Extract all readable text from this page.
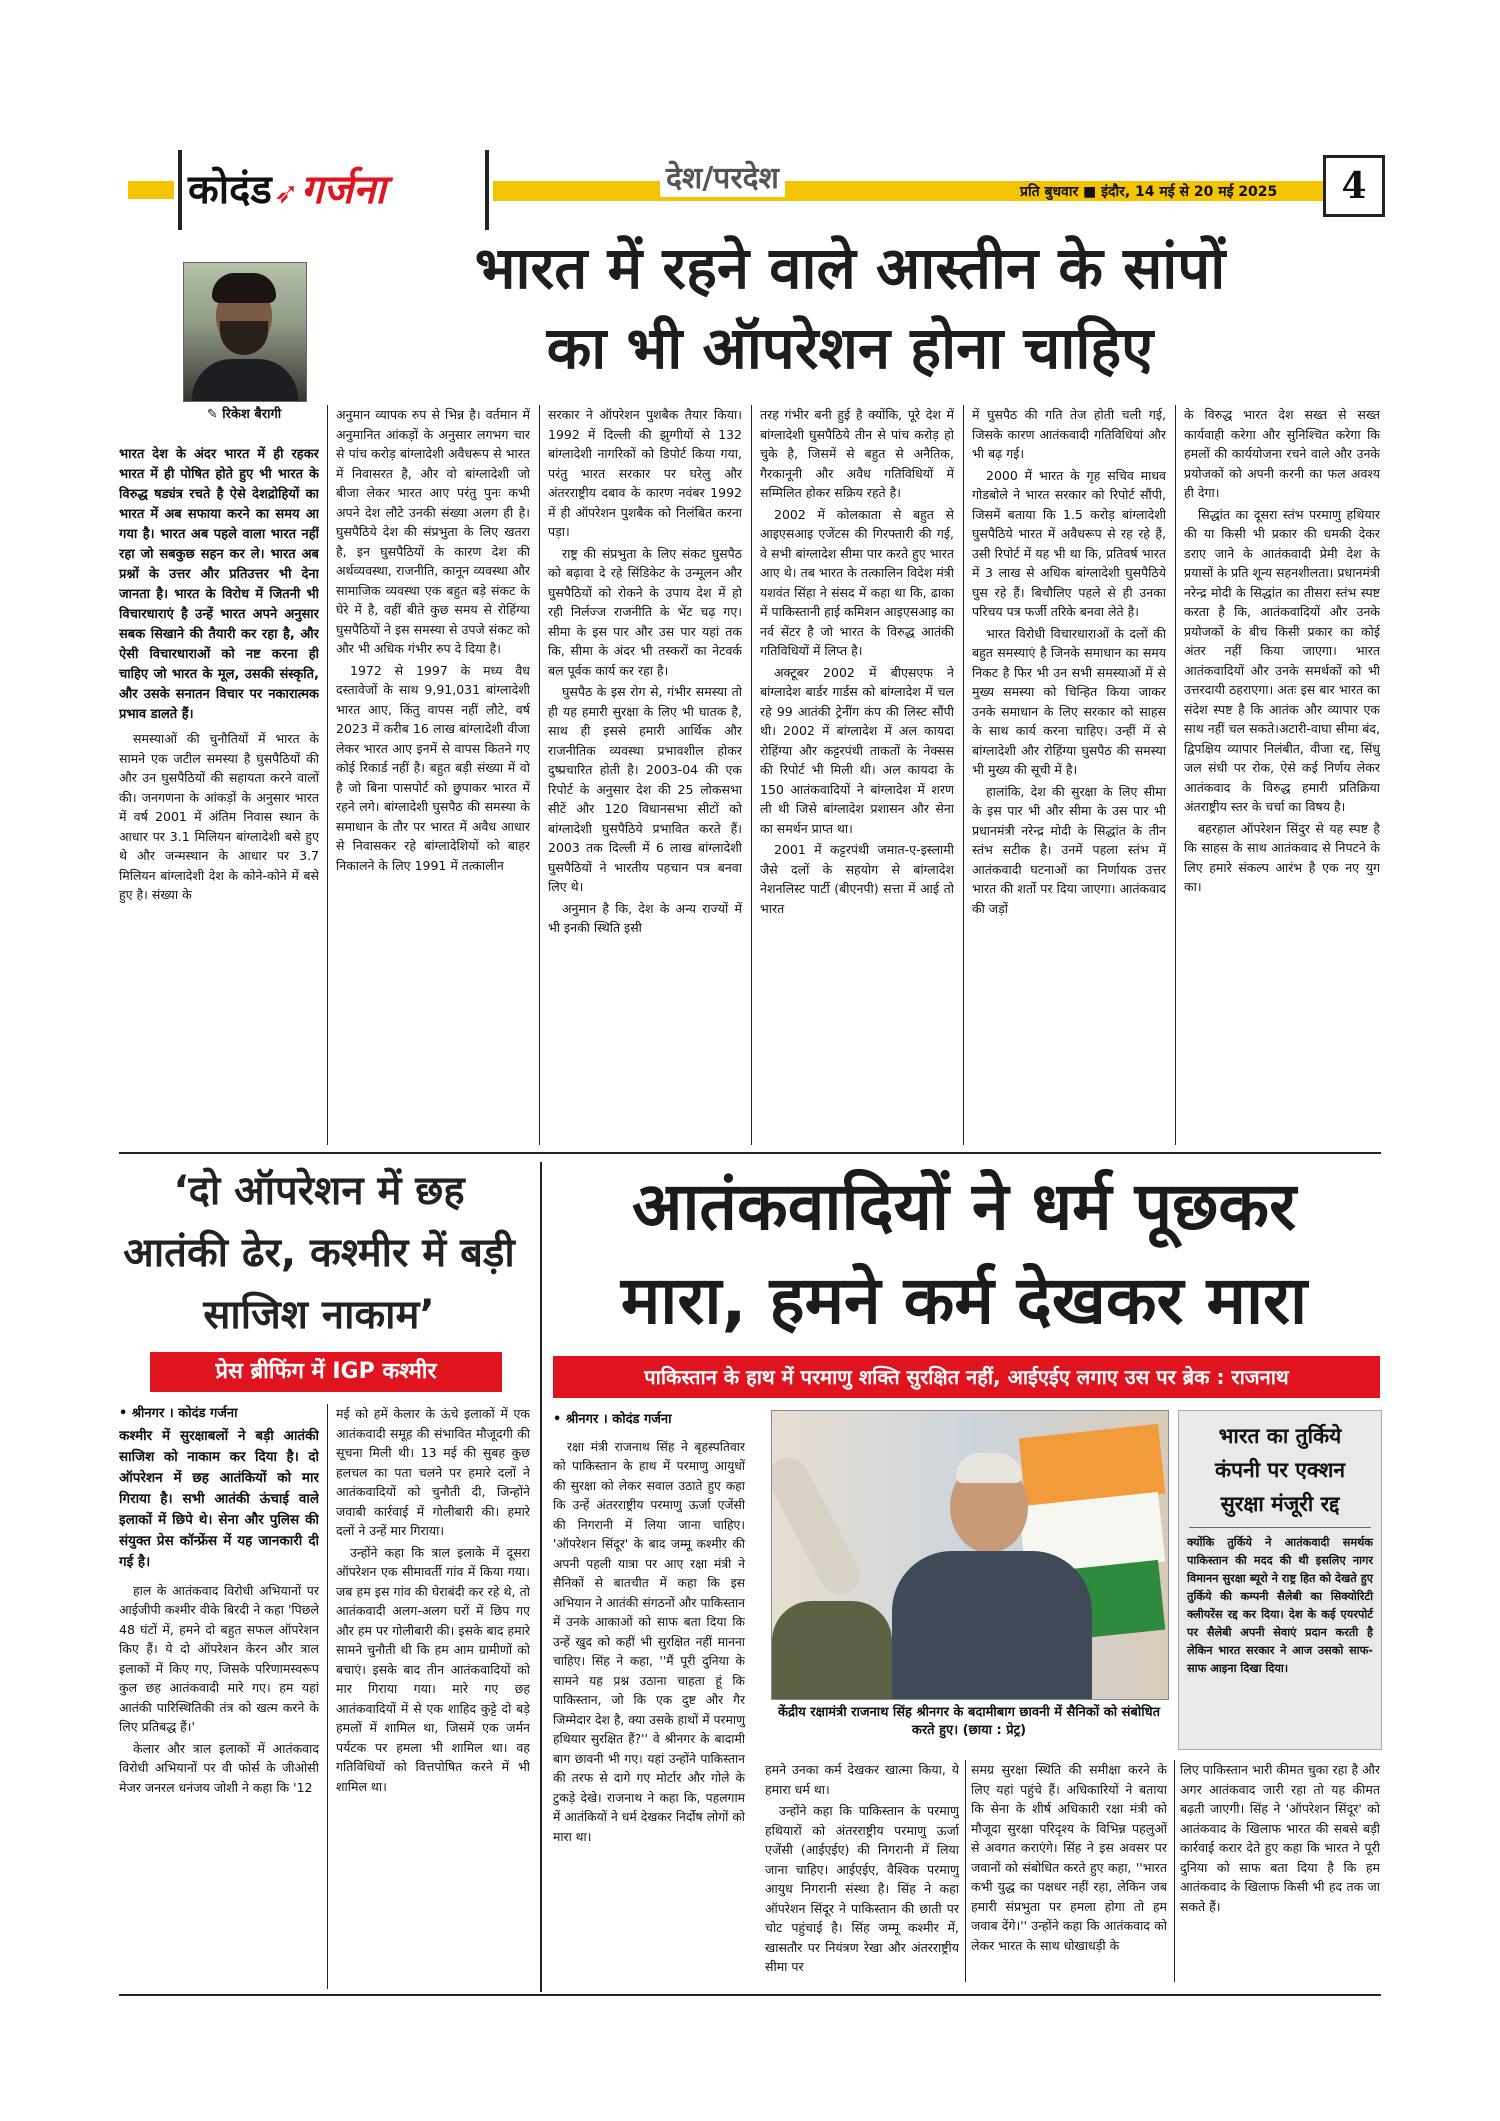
कोदंड➶गर्जना	देश/परदेश	प्रति बुधवार ■ इंदौर, 14 मई से 20 मई 2025	4
भारत में रहने वाले आस्तीन के सांपों
का भी ऑपरेशन होना चाहिए
✎ रिकेश बैरागी

भारत देश के अंदर भारत में ही रहकर भारत में ही पोषित होते हुए भी भारत के विरुद्ध षड्यंत्र रचते है ऐसे देशद्रोहियों का भारत में अब सफाया करने का समय आ गया है। भारत अब पहले वाला भारत नहीं रहा जो सबकुछ सहन कर ले। भारत अब प्रश्नों के उत्तर और प्रतिउत्तर भी देना जानता है। भारत के विरोध में जितनी भी विचारधाराएं है उन्हें भारत अपने अनुसार सबक सिखाने की तैयारी कर रहा है, और ऐसी विचारधाराओं को नष्ट करना ही चाहिए जो भारत के मूल, उसकी संस्कृति, और उसके सनातन विचार पर नकारात्मक प्रभाव डालते हैं।

समस्याओं की चुनौतियों में भारत के सामने एक जटील समस्या है घुसपैठियों की और उन घुसपैठियों की सहायता करने वालों की। जनगणना के आंकड़ों के अनुसार भारत में वर्ष 2001 में अंतिम निवास स्थान के आधार पर 3.1 मिलियन बांग्लादेशी बसे हुए थे और जन्मस्थान के आधार पर 3.7 मिलियन बांग्लादेशी देश के कोने-कोने में बसे हुए है। संख्या के

अनुमान व्यापक रुप से भिन्न है। वर्तमान में अनुमानित आंकड़ों के अनुसार लगभग चार से पांच करोड़ बांग्लादेशी अवैधरूप से भारत में निवासरत है, और वो बांग्लादेशी जो बीजा लेकर भारत आए परंतु पुनः कभी अपने देश लौटे उनकी संख्या अलग ही है। घुसपैठिये देश की संप्रभुता के लिए खतरा है, इन घुसपैठियों के कारण देश की अर्थव्यवस्था, राजनीति, कानून व्यवस्था और सामाजिक व्यवस्था एक बहुत बड़े संकट के घेरे में है, वहीं बीते कुछ समय से रोहिंग्या घुसपैठियों ने इस समस्या से उपजे संकट को और भी अधिक गंभीर रुप दे दिया है।

1972 से 1997 के मध्य वैध दस्तावेजों के साथ 9,91,031 बांग्लादेशी भारत आए, किंतु वापस नहीं लौटे, वर्ष 2023 में करीब 16 लाख बांग्लादेशी वीजा लेकर भारत आए इनमें से वापस कितने गए कोई रिकार्ड नहीं है। बहुत बड़ी संख्या में वो है जो बिना पासपोर्ट को छुपाकर भारत में रहने लगे। बांग्लादेशी घुसपैठ की समस्या के समाधान के तौर पर भारत में अवैध आधार से निवासकर रहे बांग्लादेशियों को बाहर निकालने के लिए 1991 में तत्कालीन

सरकार ने ऑपरेशन पुशबैक तैयार किया। 1992 में दिल्ली की झुग्गीयों से 132 बांग्लादेशी नागरिकों को डिपोर्ट किया गया, परंतु भारत सरकार पर घरेलु और अंतरराष्ट्रीय दबाव के कारण नवंबर 1992 में ही ऑपरेशन पुशबैक को निलंबित करना पड़ा।

राष्ट्र की संप्रभुता के लिए संकट घुसपैठ को बढ़ावा दे रहे सिंडिकेट के उन्मूलन और घुसपैठियों को रोकने के उपाय देश में हो रही निर्लज्ज राजनीति के भेंट चढ़ गए। सीमा के इस पार और उस पार यहां तक कि, सीमा के अंदर भी तस्करों का नेटवर्क बल पूर्वक कार्य कर रहा है।

घुसपैठ के इस रोग से, गंभीर समस्या तो ही यह हमारी सुरक्षा के लिए भी घातक है, साथ ही इससे हमारी आर्थिक और राजनीतिक व्यवस्था प्रभावशील होकर दुष्प्रचारित होती है। 2003-04 की एक रिपोर्ट के अनुसार देश की 25 लोकसभा सीटें और 120 विधानसभा सीटों को बांग्लादेशी घुसपैठिये प्रभावित करते हैं। 2003 तक दिल्ली में 6 लाख बांग्लादेशी घुसपैठियों ने भारतीय पहचान पत्र बनवा लिए थे।

अनुमान है कि, देश के अन्य राज्यों में भी इनकी स्थिति इसी

तरह गंभीर बनी हुई है क्योंकि, पूरे देश में बांग्लादेशी घुसपैठिये तीन से पांच करोड़ हो चुके है, जिसमें से बहुत से अनैतिक, गैरकानूनी और अवैध गतिविधियों में सम्मिलित होकर सक्रिय रहते है।

2002 में कोलकाता से बहुत से आइएसआइ एजेंटस की गिरफ्तारी की गई, वे सभी बांग्लादेश सीमा पार करते हुए भारत आए थे। तब भारत के तत्कालिन विदेश मंत्री यशवंत सिंहा ने संसद में कहा था कि, ढाका में पाकिस्तानी हाई कमिशन आइएसआइ का नर्व सेंटर है जो भारत के विरुद्ध आतंकी गतिविधियों में लिप्त है।

अक्टूबर 2002 में बीएसएफ ने बांग्लादेश बार्डर गार्डस को बांग्लादेश में चल रहे 99 आतंकी ट्रेनींग कंप की लिस्ट सौंपी थी। 2002 में बांग्लादेश में अल कायदा रोहिंग्या और कट्टरपंथी ताकतों के नेक्सस की रिपोर्ट भी मिली थी। अल कायदा के 150 आतंकवादियों ने बांग्लादेश में शरण ली थी जिसे बांग्लादेश प्रशासन और सेना का समर्थन प्राप्त था।

2001 में कट्टरपंथी जमात-ए-इस्लामी जैसे दलों के सहयोग से बांग्लादेश नेशनलिस्ट पार्टी (बीएनपी) सत्ता में आई तो भारत

में घुसपैठ की गति तेज होती चली गई, जिसके कारण आतंकवादी गतिविधियां और भी बढ़ गई।

2000 में भारत के गृह सचिव माधव गोडबोले ने भारत सरकार को रिपोर्ट सौंपी, जिसमें बताया कि 1.5 करोड़ बांग्लादेशी घुसपैठिये भारत में अवैधरूप से रह रहे हैं, उसी रिपोर्ट में यह भी था कि, प्रतिवर्ष भारत में 3 लाख से अधिक बांग्लादेशी घुसपैठिये घुस रहे हैं। बिचौलिए पहले से ही उनका परिचय पत्र फर्जी तरिके बनवा लेते है।

भारत विरोधी विचारधाराओं के दलों की बहुत समस्याएं है जिनके समाधान का समय निकट है फिर भी उन सभी समस्याओं में से मुख्य समस्या को चिन्हित किया जाकर उनके समाधान के लिए सरकार को साहस के साथ कार्य करना चाहिए। उन्हीं में से बांग्लादेशी और रोहिंग्या घुसपैठ की समस्या भी मुख्य की सूची में है।

हालांकि, देश की सुरक्षा के लिए सीमा के इस पार भी और सीमा के उस पार भी प्रधानमंत्री नरेन्द्र मोदी के सिद्धांत के तीन स्तंभ सटीक है। उनमें पहला स्तंभ में आतंकवादी घटनाओं का निर्णायक उत्तर भारत की शर्तो पर दिया जाएगा। आतंकवाद की जड़ों

के विरुद्ध भारत देश सख्त से सख्त कार्यवाही करेगा और सुनिश्चित करेगा कि हमलों की कार्ययोजना रचने वाले और उनके प्रयोजकों को अपनी करनी का फल अवश्य ही देगा।

सिद्धांत का दूसरा स्तंभ परमाणु हथियार की या किसी भी प्रकार की धमकी देकर डराए जाने के आतंकवादी प्रेमी देश के प्रयासों के प्रति शून्य सहनशीलता। प्रधानमंत्री नरेन्द्र मोदी के सिद्धांत का तीसरा स्तंभ स्पष्ट करता है कि, आतंकवादियों और उनके प्रयोजकों के बीच किसी प्रकार का कोई अंतर नहीं किया जाएगा। भारत आतंकवादियों और उनके समर्थकों को भी उत्तरदायी ठहराएगा। अतः इस बार भारत का संदेश स्पष्ट है कि आतंक और व्यापार एक साथ नहीं चल सकते।अटारी-वाघा सीमा बंद, द्विपक्षिय व्यापार निलंबीत, वीजा रद्द, सिंधु जल संधी पर रोक, ऐसे कई निर्णय लेकर आतंकवाद के विरुद्ध हमारी प्रतिक्रिया अंतराष्ट्रीय स्तर के चर्चा का विषय है।

बहरहाल ऑपरेशन सिंदुर से यह स्पष्ट है कि साहस के साथ आतंकवाद से निपटने के लिए हमारे संकल्प आरंभ है एक नए युग का।

‘दो ऑपरेशन में छह आतंकी ढेर, कश्मीर में बड़ी साजिश नाकाम’
प्रेस ब्रीफिंग में IGP कश्मीर

• श्रीनगर । कोदंड गर्जना

कश्मीर में सुरक्षाबलों ने बड़ी आतंकी साजिश को नाकाम कर दिया है। दो ऑपरेशन में छह आतंकियों को मार गिराया है। सभी आतंकी ऊंचाई वाले इलाकों में छिपे थे। सेना और पुलिस की संयुक्त प्रेस कॉन्फ्रेंस में यह जानकारी दी गई है।

हाल के आतंकवाद विरोधी अभियानों पर आईजीपी कश्मीर वीके बिरदी ने कहा 'पिछले 48 घंटों में, हमने दो बहुत सफल ऑपरेशन किए हैं। ये दो ऑपरेशन केरन और त्राल इलाकों में किए गए, जिसके परिणामस्वरूप कुल छह आतंकवादी मारे गए। हम यहां आतंकी पारिस्थितिकी तंत्र को खत्म करने के लिए प्रतिबद्ध हैं।'

केलार और त्राल इलाकों में आतंकवाद विरोधी अभियानों पर वी फोर्स के जीओसी मेजर जनरल धनंजय जोशी ने कहा कि '12

मई को हमें केलार के ऊंचे इलाकों में एक आतंकवादी समूह की संभावित मौजूदगी की सूचना मिली थी। 13 मई की सुबह कुछ हलचल का पता चलने पर हमारे दलों ने आतंकवादियों को चुनौती दी, जिन्होंने जवाबी कार्रवाई में गोलीबारी की। हमारे दलों ने उन्हें मार गिराया।

उन्होंने कहा कि त्राल इलाके में दूसरा ऑपरेशन एक सीमावर्ती गांव में किया गया। जब हम इस गांव की घेराबंदी कर रहे थे, तो आतंकवादी अलग-अलग घरों में छिप गए और हम पर गोलीबारी की। इसके बाद हमारे सामने चुनौती थी कि हम आम ग्रामीणों को बचाएं। इसके बाद तीन आतंकवादियों को मार गिराया गया। मारे गए छह आतंकवादियों में से एक शाहिद कुट्टे दो बड़े हमलों में शामिल था, जिसमें एक जर्मन पर्यटक पर हमला भी शामिल था। वह गतिविधियों को वित्तपोषित करने में भी शामिल था।

आतंकवादियों ने धर्म पूछकर
मारा, हमने कर्म देखकर मारा
पाकिस्तान के हाथ में परमाणु शक्ति सुरक्षित नहीं, आईएईए लगाए उस पर ब्रेक : राजनाथ

• श्रीनगर । कोदंड गर्जना

रक्षा मंत्री राजनाथ सिंह ने बृहस्पतिवार को पाकिस्तान के हाथ में परमाणु आयुधों की सुरक्षा को लेकर सवाल उठाते हुए कहा कि उन्हें अंतरराष्ट्रीय परमाणु ऊर्जा एजेंसी की निगरानी में लिया जाना चाहिए। 'ऑपरेशन सिंदूर' के बाद जम्मू कश्मीर की अपनी पहली यात्रा पर आए रक्षा मंत्री ने सैनिकों से बातचीत में कहा कि इस अभियान ने आतंकी संगठनों और पाकिस्तान में उनके आकाओं को साफ बता दिया कि उन्हें खुद को कहीं भी सुरक्षित नहीं मानना चाहिए। सिंह ने कहा, ''मैं पूरी दुनिया के सामने यह प्रश्न उठाना चाहता हूं कि पाकिस्तान, जो कि एक दुष्ट और गैर जिम्मेदार देश है, क्या उसके हाथों में परमाणु हथियार सुरक्षित हैं?'' वे श्रीनगर के बादामी बाग छावनी भी गए। यहां उन्होंने पाकिस्तान की तरफ से दागे गए मोर्टार और गोले के टुकड़े देखे। राजनाथ ने कहा कि, पहलगाम में आतंकियों ने धर्म देखकर निर्दोष लोगों को मारा था।

केंद्रीय रक्षामंत्री राजनाथ सिंह श्रीनगर के बदामीबाग छावनी में सैनिकों को संबोधित करते हुए। (छाया : प्रेट्र)
भारत का तुर्किये
कंपनी पर एक्शन
सुरक्षा मंजूरी रद्द
क्योंकि तुर्किये ने आतंकवादी समर्थक पाकिस्तान की मदद की थी इसलिए नागर विमानन सुरक्षा ब्यूरो ने राष्ट्र हित को देखते हुए तुर्किये की कम्पनी सैलेबी का सिक्योरिटी क्लीयरेंस रद्द कर दिया। देश के कई एयरपोर्ट पर सैलेबी अपनी सेवाएं प्रदान करती है लेकिन भारत सरकार ने आज उसको साफ-साफ आइना दिखा दिया।

हमने उनका कर्म देखकर खात्मा किया, ये हमारा धर्म था।

उन्होंने कहा कि पाकिस्तान के परमाणु हथियारों को अंतरराष्ट्रीय परमाणु ऊर्जा एजेंसी (आईएईए) की निगरानी में लिया जाना चाहिए। आईएईए, वैश्विक परमाणु आयुध निगरानी संस्था है। सिंह ने कहा ऑपरेशन सिंदूर ने पाकिस्तान की छाती पर चोट पहुंचाई है। सिंह जम्मू कश्मीर में, खासतौर पर नियंत्रण रेखा और अंतरराष्ट्रीय सीमा पर

समग्र सुरक्षा स्थिति की समीक्षा करने के लिए यहां पहुंचे हैं। अधिकारियों ने बताया कि सेना के शीर्ष अधिकारी रक्षा मंत्री को मौजूदा सुरक्षा परिदृश्य के विभिन्न पहलुओं से अवगत कराएंगे। सिंह ने इस अवसर पर जवानों को संबोधित करते हुए कहा, ''भारत कभी युद्ध का पक्षधर नहीं रहा, लेकिन जब हमारी संप्रभुता पर हमला होगा तो हम जवाब देंगे।'' उन्होंने कहा कि आतंकवाद को लेकर भारत के साथ धोखाधड़ी के

लिए पाकिस्तान भारी कीमत चुका रहा है और अगर आतंकवाद जारी रहा तो यह कीमत बढ़ती जाएगी। सिंह ने 'ऑपरेशन सिंदूर' को आतंकवाद के खिलाफ भारत की सबसे बड़ी कार्रवाई करार देते हुए कहा कि भारत ने पूरी दुनिया को साफ बता दिया है कि हम आतंकवाद के खिलाफ किसी भी हद तक जा सकते हैं।
